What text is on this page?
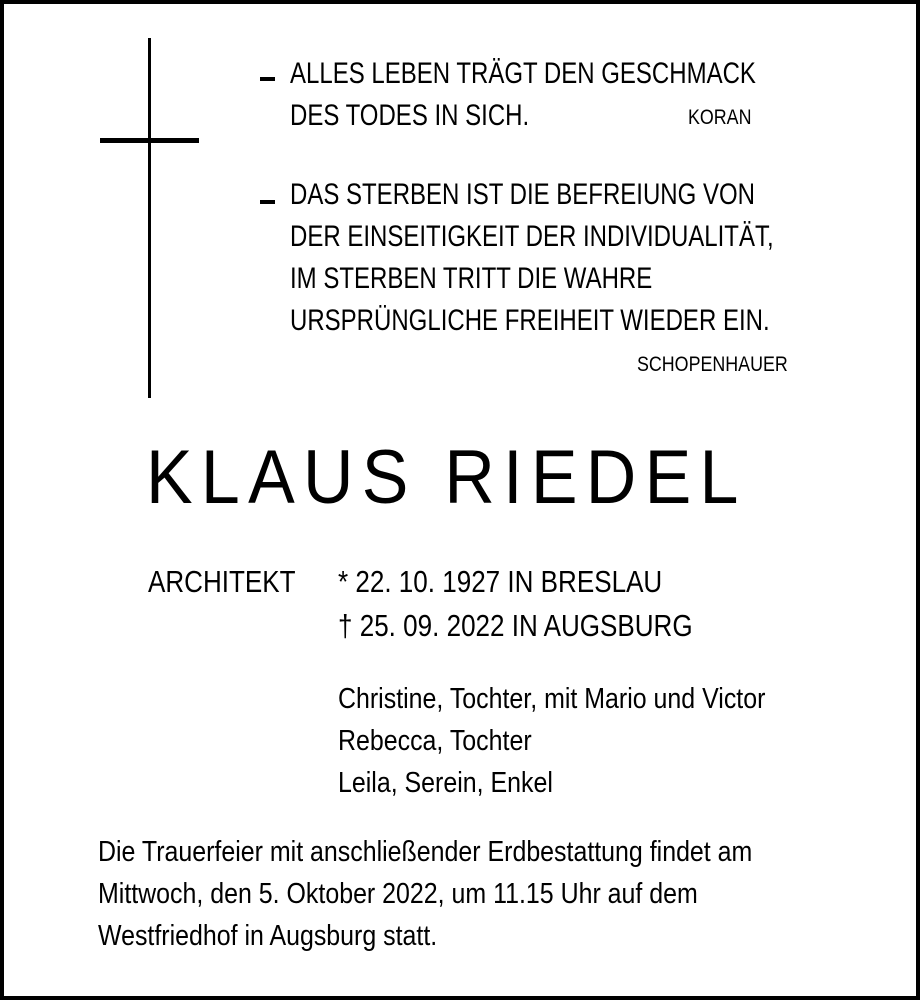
ALLES LEBEN TRÄGT DEN GESCHMACK
DES TODES IN SICH.	KORAN
DAS STERBEN IST DIE BEFREIUNG VON
DER EINSEITIGKEIT DER INDIVIDUALITÄT,
IM STERBEN TRITT DIE WAHRE
URSPRÜNGLICHE FREIHEIT WIEDER EIN.
SCHOPENHAUER
KLAUS RIEDEL
ARCHITEKT * 22. 10. 1927 IN BRESLAU
† 25. 09. 2022 IN AUGSBURG
Christine, Tochter, mit Mario und Victor
Rebecca, Tochter
Leila, Serein, Enkel
Die Trauerfeier mit anschließender Erdbestattung findet am
Mittwoch, den 5. Oktober 2022, um 11.15 Uhr auf dem
Westfriedhof in Augsburg statt.
